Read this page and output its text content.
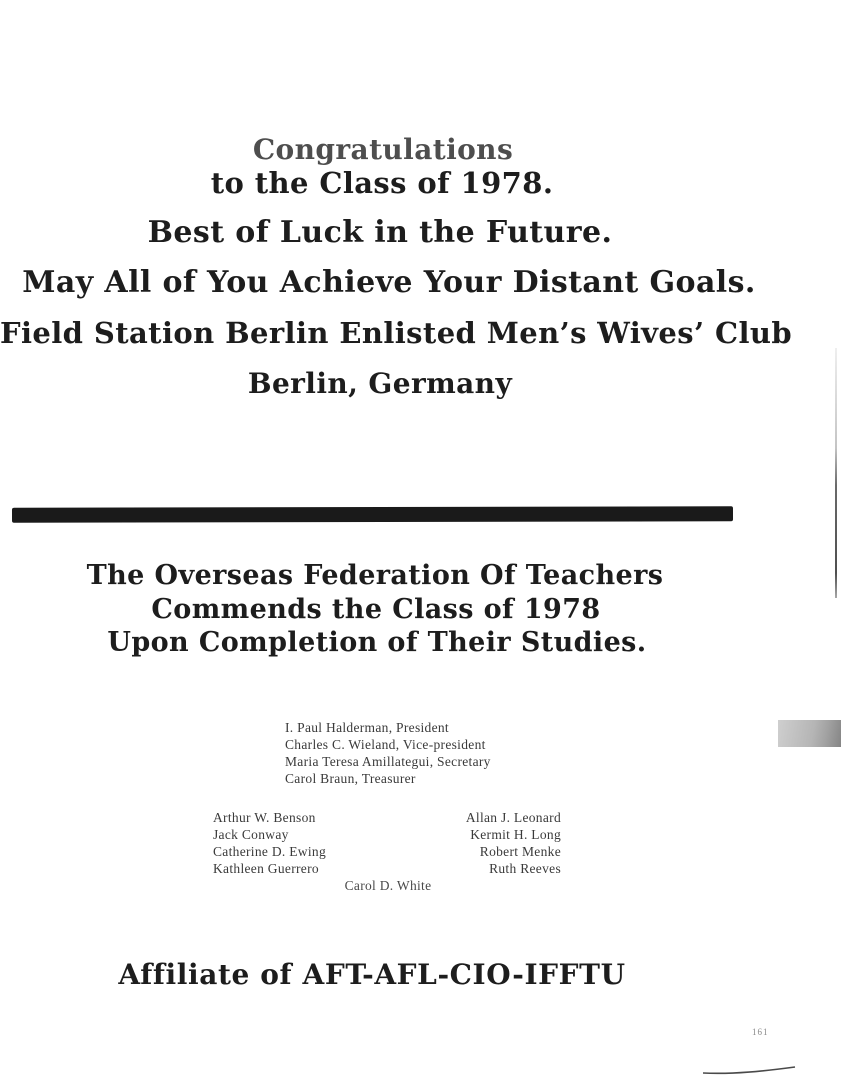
Congratulations
to the Class of 1978.
Best of Luck in the Future.
May All of You Achieve Your Distant Goals.
Field Station Berlin Enlisted Men’s Wives’ Club
Berlin, Germany
The Overseas Federation Of Teachers
Commends the Class of 1978
Upon Completion of Their Studies.
I. Paul Halderman, President
Charles C. Wieland, Vice-president
Maria Teresa Amillategui, Secretary
Carol Braun, Treasurer
Arthur W. Benson
Jack Conway
Catherine D. Ewing
Kathleen Guerrero
Allan J. Leonard
Kermit H. Long
Robert Menke
Ruth Reeves
Carol D. White
Affiliate of AFT-AFL-CIO-IFFTU
161
